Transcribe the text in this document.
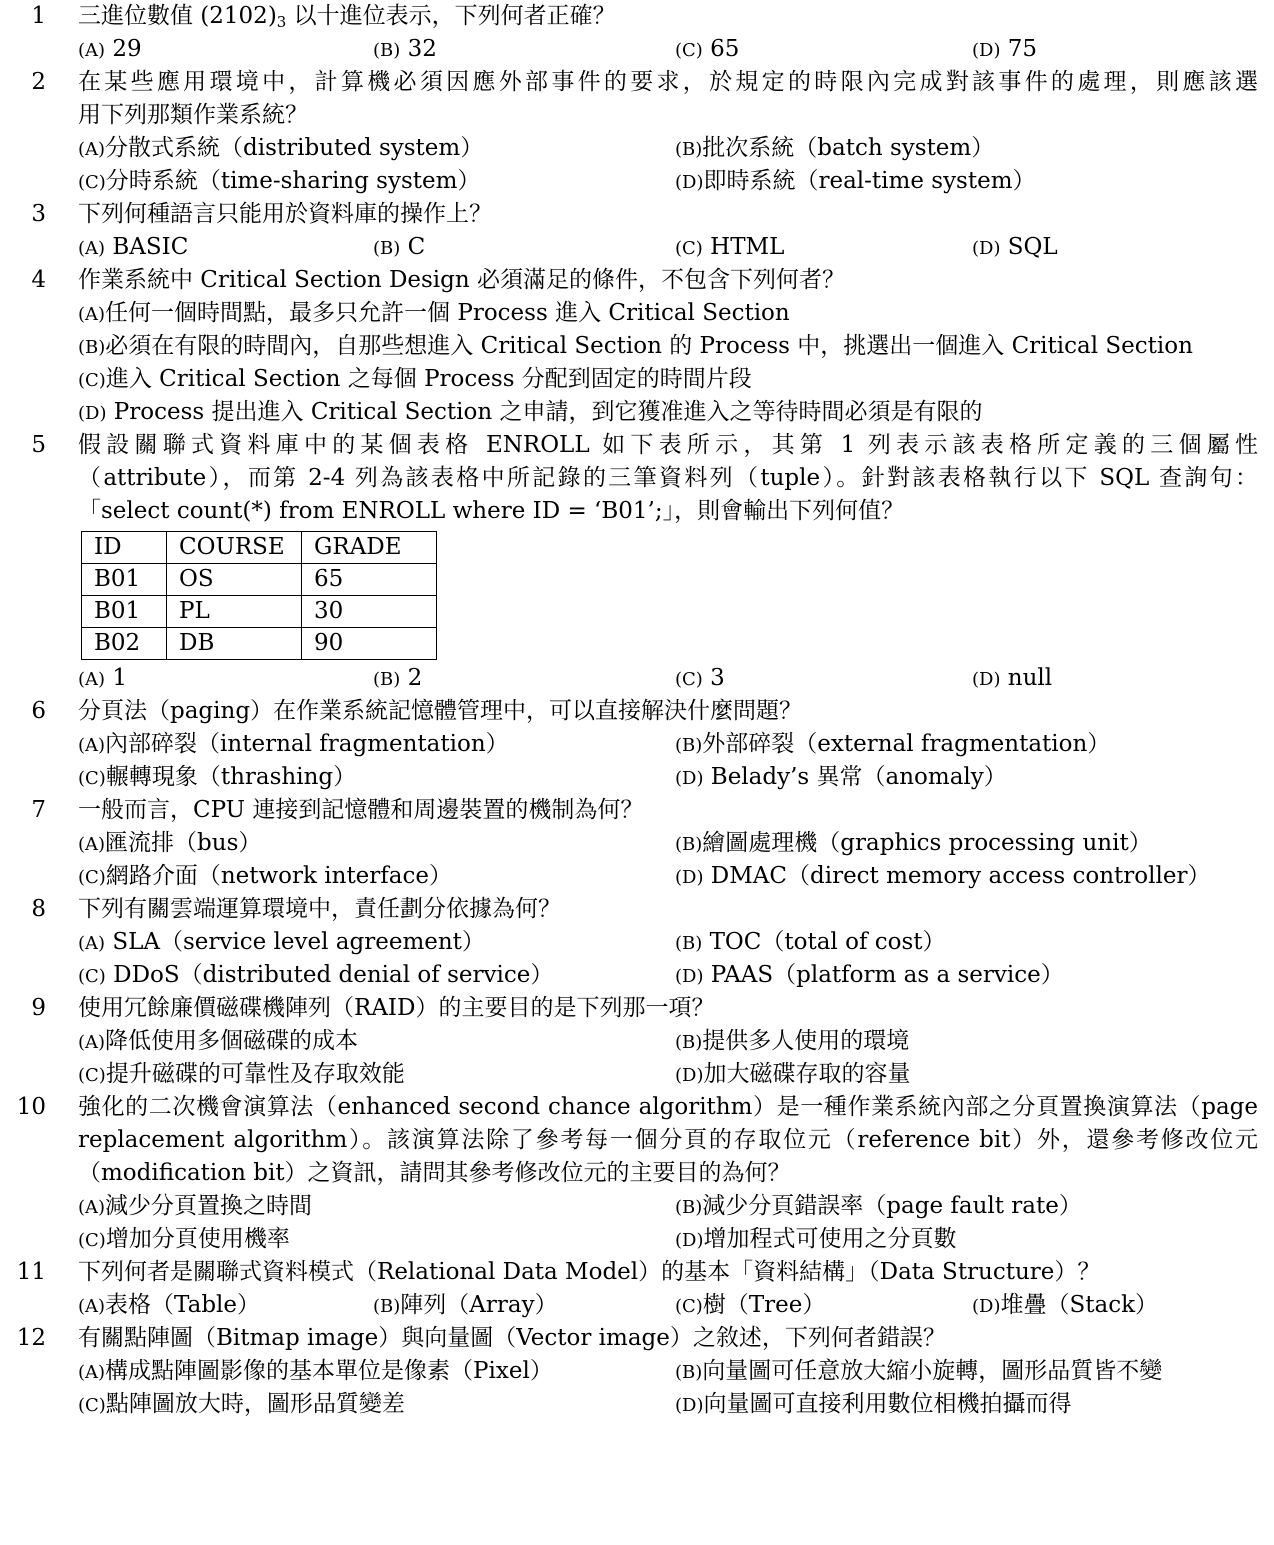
1 三進位數值 $(2102)_3$ 以十進位表示，下列何者正確？
(A) 29	(B) 32	(C) 65	(D) 75
2 在某些應用環境中，計算機必須因應外部事件的要求，於規定的時限內完成對該事件的處理，則應該選
用下列那類作業系統？
(A)分散式系統（distributed system）	(B)批次系統（batch system）
(C)分時系統（time-sharing system）	(D)即時系統（real-time system）
3 下列何種語言只能用於資料庫的操作上？
(A) BASIC	(B) C	(C) HTML	(D) SQL
4 作業系統中 Critical Section Design 必須滿足的條件，不包含下列何者？
(A)任何一個時間點，最多只允許一個 Process 進入 Critical Section
(B)必須在有限的時間內，自那些想進入 Critical Section 的 Process 中，挑選出一個進入 Critical Section
(C)進入 Critical Section 之每個 Process 分配到固定的時間片段
(D) Process 提出進入 Critical Section 之申請，到它獲准進入之等待時間必須是有限的
5 假設關聯式資料庫中的某個表格 ENROLL 如下表所示，其第 1 列表示該表格所定義的三個屬性
（attribute），而第 2-4 列為該表格中所記錄的三筆資料列（tuple）。針對該表格執行以下 SQL 查詢句：
「select count(*) from ENROLL where ID = ‘B01’;」，則會輸出下列何值？
ID	COURSE	GRADE
B01	OS	65
B01	PL	30
B02	DB	90
(A) 1	(B) 2	(C) 3	(D) null
6 分頁法（paging）在作業系統記憶體管理中，可以直接解決什麼問題？
(A)內部碎裂（internal fragmentation）	(B)外部碎裂（external fragmentation）
(C)輾轉現象（thrashing）	(D) Belady’s 異常（anomaly）
7 一般而言，CPU 連接到記憶體和周邊裝置的機制為何？
(A)匯流排（bus）	(B)繪圖處理機（graphics processing unit）
(C)網路介面（network interface）	(D) DMAC（direct memory access controller）
8 下列有關雲端運算環境中，責任劃分依據為何？
(A) SLA（service level agreement）	(B) TOC（total of cost）
(C) DDoS（distributed denial of service）	(D) PAAS（platform as a service）
9 使用冗餘廉價磁碟機陣列（RAID）的主要目的是下列那一項？
(A)降低使用多個磁碟的成本	(B)提供多人使用的環境
(C)提升磁碟的可靠性及存取效能	(D)加大磁碟存取的容量
10 強化的二次機會演算法（enhanced second chance algorithm）是一種作業系統內部之分頁置換演算法（page
replacement algorithm）。該演算法除了參考每一個分頁的存取位元（reference bit）外，還參考修改位元
（modification bit）之資訊，請問其參考修改位元的主要目的為何？
(A)減少分頁置換之時間	(B)減少分頁錯誤率（page fault rate）
(C)增加分頁使用機率	(D)增加程式可使用之分頁數
11 下列何者是關聯式資料模式（Relational Data Model）的基本「資料結構」（Data Structure）？
(A)表格（Table）	(B)陣列（Array）	(C)樹（Tree）	(D)堆疊（Stack）
12 有關點陣圖（Bitmap image）與向量圖（Vector image）之敘述，下列何者錯誤？
(A)構成點陣圖影像的基本單位是像素（Pixel）	(B)向量圖可任意放大縮小旋轉，圖形品質皆不變
(C)點陣圖放大時，圖形品質變差	(D)向量圖可直接利用數位相機拍攝而得
